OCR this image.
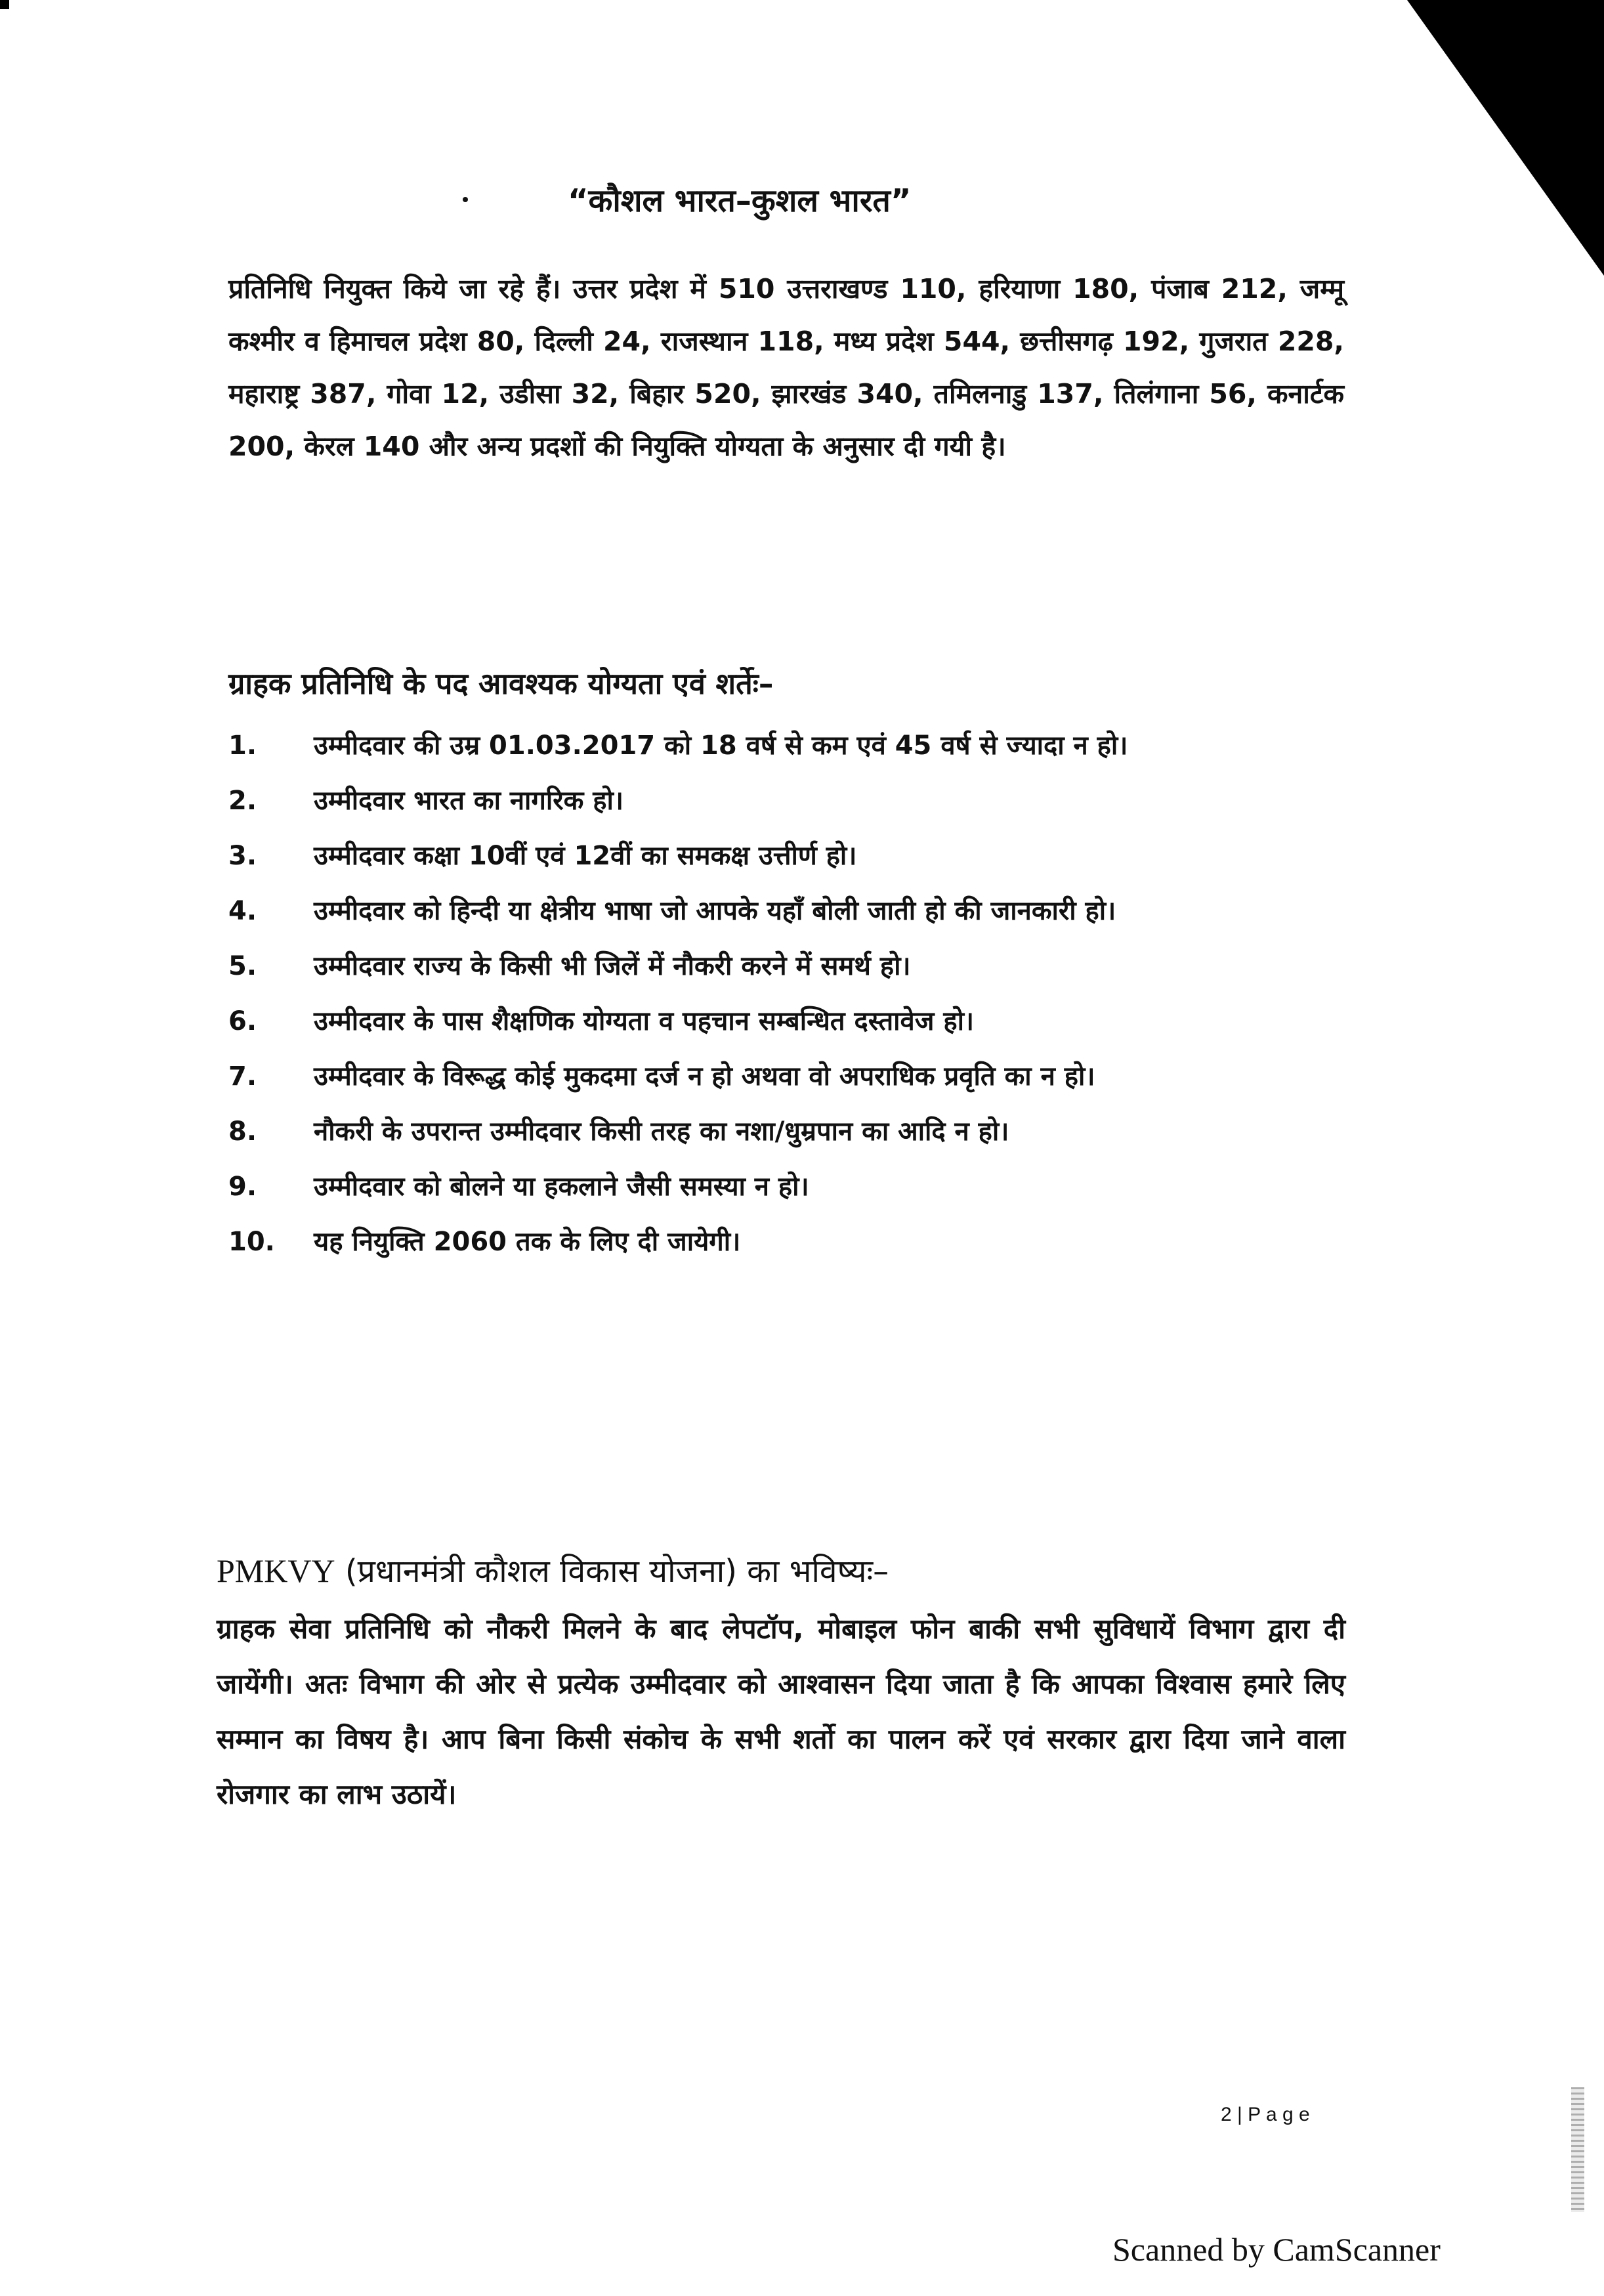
“कौशल भारत–कुशल भारत”
प्रतिनिधि नियुक्त किये जा रहे हैं। उत्तर प्रदेश में 510 उत्तराखण्ड 110, हरियाणा 180, पंजाब 212, जम्मू कश्मीर व हिमाचल प्रदेश 80, दिल्ली 24, राजस्थान 118, मध्य प्रदेश 544, छत्तीसगढ़ 192, गुजरात 228, महाराष्ट्र 387, गोवा 12, उडीसा 32, बिहार 520, झारखंड 340, तमिलनाडु 137, तिलंगाना 56, कनार्टक 200, केरल 140 और अन्य प्रदशों की नियुक्ति योग्यता के अनुसार दी गयी है।
ग्राहक प्रतिनिधि के पद आवश्यक योग्यता एवं शर्तेः–
1.	उम्मीदवार की उम्र 01.03.2017 को 18 वर्ष से कम एवं 45 वर्ष से ज्यादा न हो।
2.	उम्मीदवार भारत का नागरिक हो।
3.	उम्मीदवार कक्षा 10वीं एवं 12वीं का समकक्ष उत्तीर्ण हो।
4.	उम्मीदवार को हिन्दी या क्षेत्रीय भाषा जो आपके यहाँ बोली जाती हो की जानकारी हो।
5.	उम्मीदवार राज्य के किसी भी जिलें में नौकरी करने में समर्थ हो।
6.	उम्मीदवार के पास शैक्षणिक योग्यता व पहचान सम्बन्धित दस्तावेज हो।
7.	उम्मीदवार के विरूद्ध कोई मुकदमा दर्ज न हो अथवा वो अपराधिक प्रवृति का न हो।
8.	नौकरी के उपरान्त उम्मीदवार किसी तरह का नशा/धुम्रपान का आदि न हो।
9.	उम्मीदवार को बोलने या हकलाने जैसी समस्या न हो।
10.	यह नियुक्ति 2060 तक के लिए दी जायेगी।
PMKVY (प्रधानमंत्री कौशल विकास योजना) का भविष्यः–
ग्राहक सेवा प्रतिनिधि को नौकरी मिलने के बाद लेपटॉप, मोबाइल फोन बाकी सभी सुविधायें विभाग द्वारा दी जायेंगी। अतः विभाग की ओर से प्रत्येक उम्मीदवार को आश्वासन दिया जाता है कि आपका विश्वास हमारे लिए सम्मान का विषय है। आप बिना किसी संकोच के सभी शर्तो का पालन करें एवं सरकार द्वारा दिया जाने वाला रोजगार का लाभ उठायें।
2 | P a g e
Scanned by CamScanner
